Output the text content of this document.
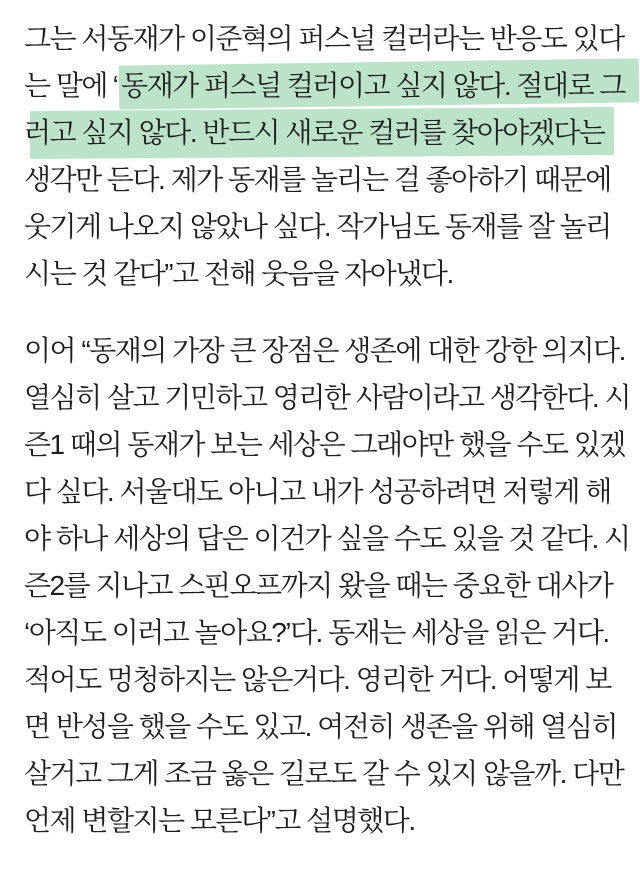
그는 서동재가 이준혁의 퍼스널 컬러라는 반응도 있다
는 말에 “동재가 퍼스널 컬러이고 싶지 않다. 절대로 그
러고 싶지 않다. 반드시 새로운 컬러를 찾아야겠다는
생각만 든다. 제가 동재를 놀리는 걸 좋아하기 때문에
웃기게 나오지 않았나 싶다. 작가님도 동재를 잘 놀리
시는 것 같다”고 전해 웃음을 자아냈다.

이어 “동재의 가장 큰 장점은 생존에 대한 강한 의지다.
열심히 살고 기민하고 영리한 사람이라고 생각한다. 시
즌1 때의 동재가 보는 세상은 그래야만 했을 수도 있겠
다 싶다. 서울대도 아니고 내가 성공하려면 저렇게 해
야 하나 세상의 답은 이건가 싶을 수도 있을 것 같다. 시
즌2를 지나고 스핀오프까지 왔을 때는 중요한 대사가
‘아직도 이러고 놀아요?’다. 동재는 세상을 읽은 거다.
적어도 멍청하지는 않은거다. 영리한 거다. 어떻게 보
면 반성을 했을 수도 있고. 여전히 생존을 위해 열심히
살거고 그게 조금 옳은 길로도 갈 수 있지 않을까. 다만
언제 변할지는 모른다”고 설명했다.
